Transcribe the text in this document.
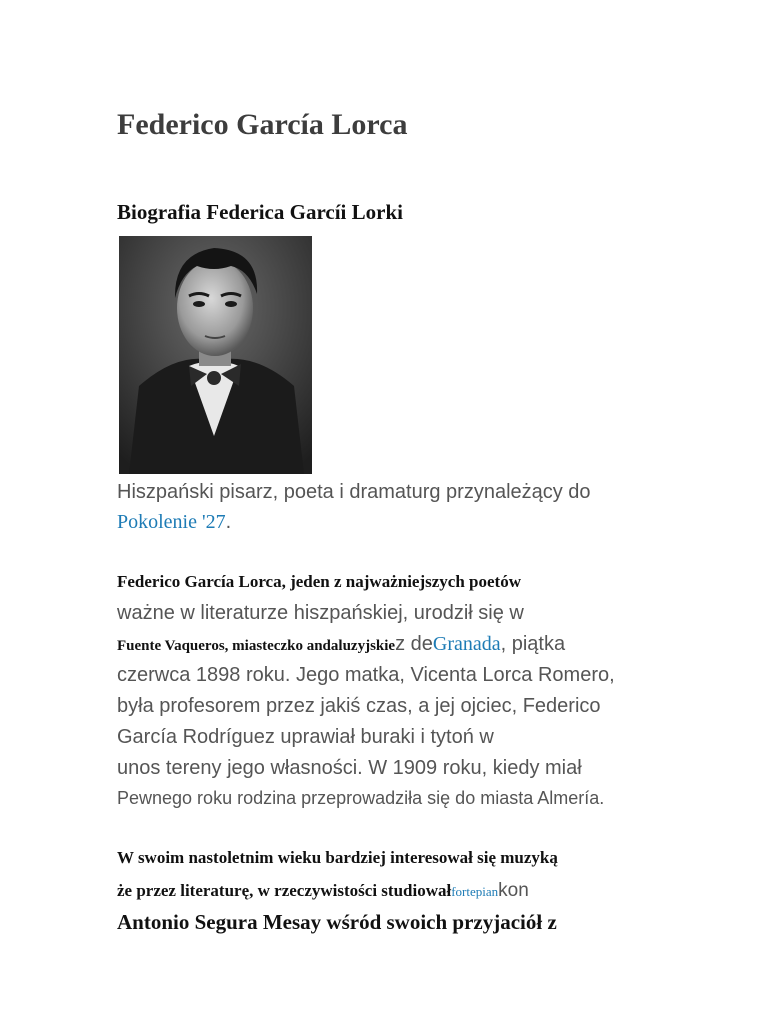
Federico García Lorca
Biografia Federica Garcíi Lorki
Hiszpański pisarz, poeta i dramaturg przynależący do
Pokolenie '27.
Federico García Lorca, jeden z najważniejszych poetów
ważne w literaturze hiszpańskiej, urodził się w
Fuente Vaqueros, miasteczko andaluzyjskiez deGranada, piątka
czerwca 1898 roku. Jego matka, Vicenta Lorca Romero,
była profesorem przez jakiś czas, a jej ojciec, Federico
García Rodríguez uprawiał buraki i tytoń w
unos tereny jego własności. W 1909 roku, kiedy miał
Pewnego roku rodzina przeprowadziła się do miasta Almería.
W swoim nastoletnim wieku bardziej interesował się muzyką
że przez literaturę, w rzeczywistości studiowałfortepiankon
Antonio Segura Mesay wśród swoich przyjaciół z
